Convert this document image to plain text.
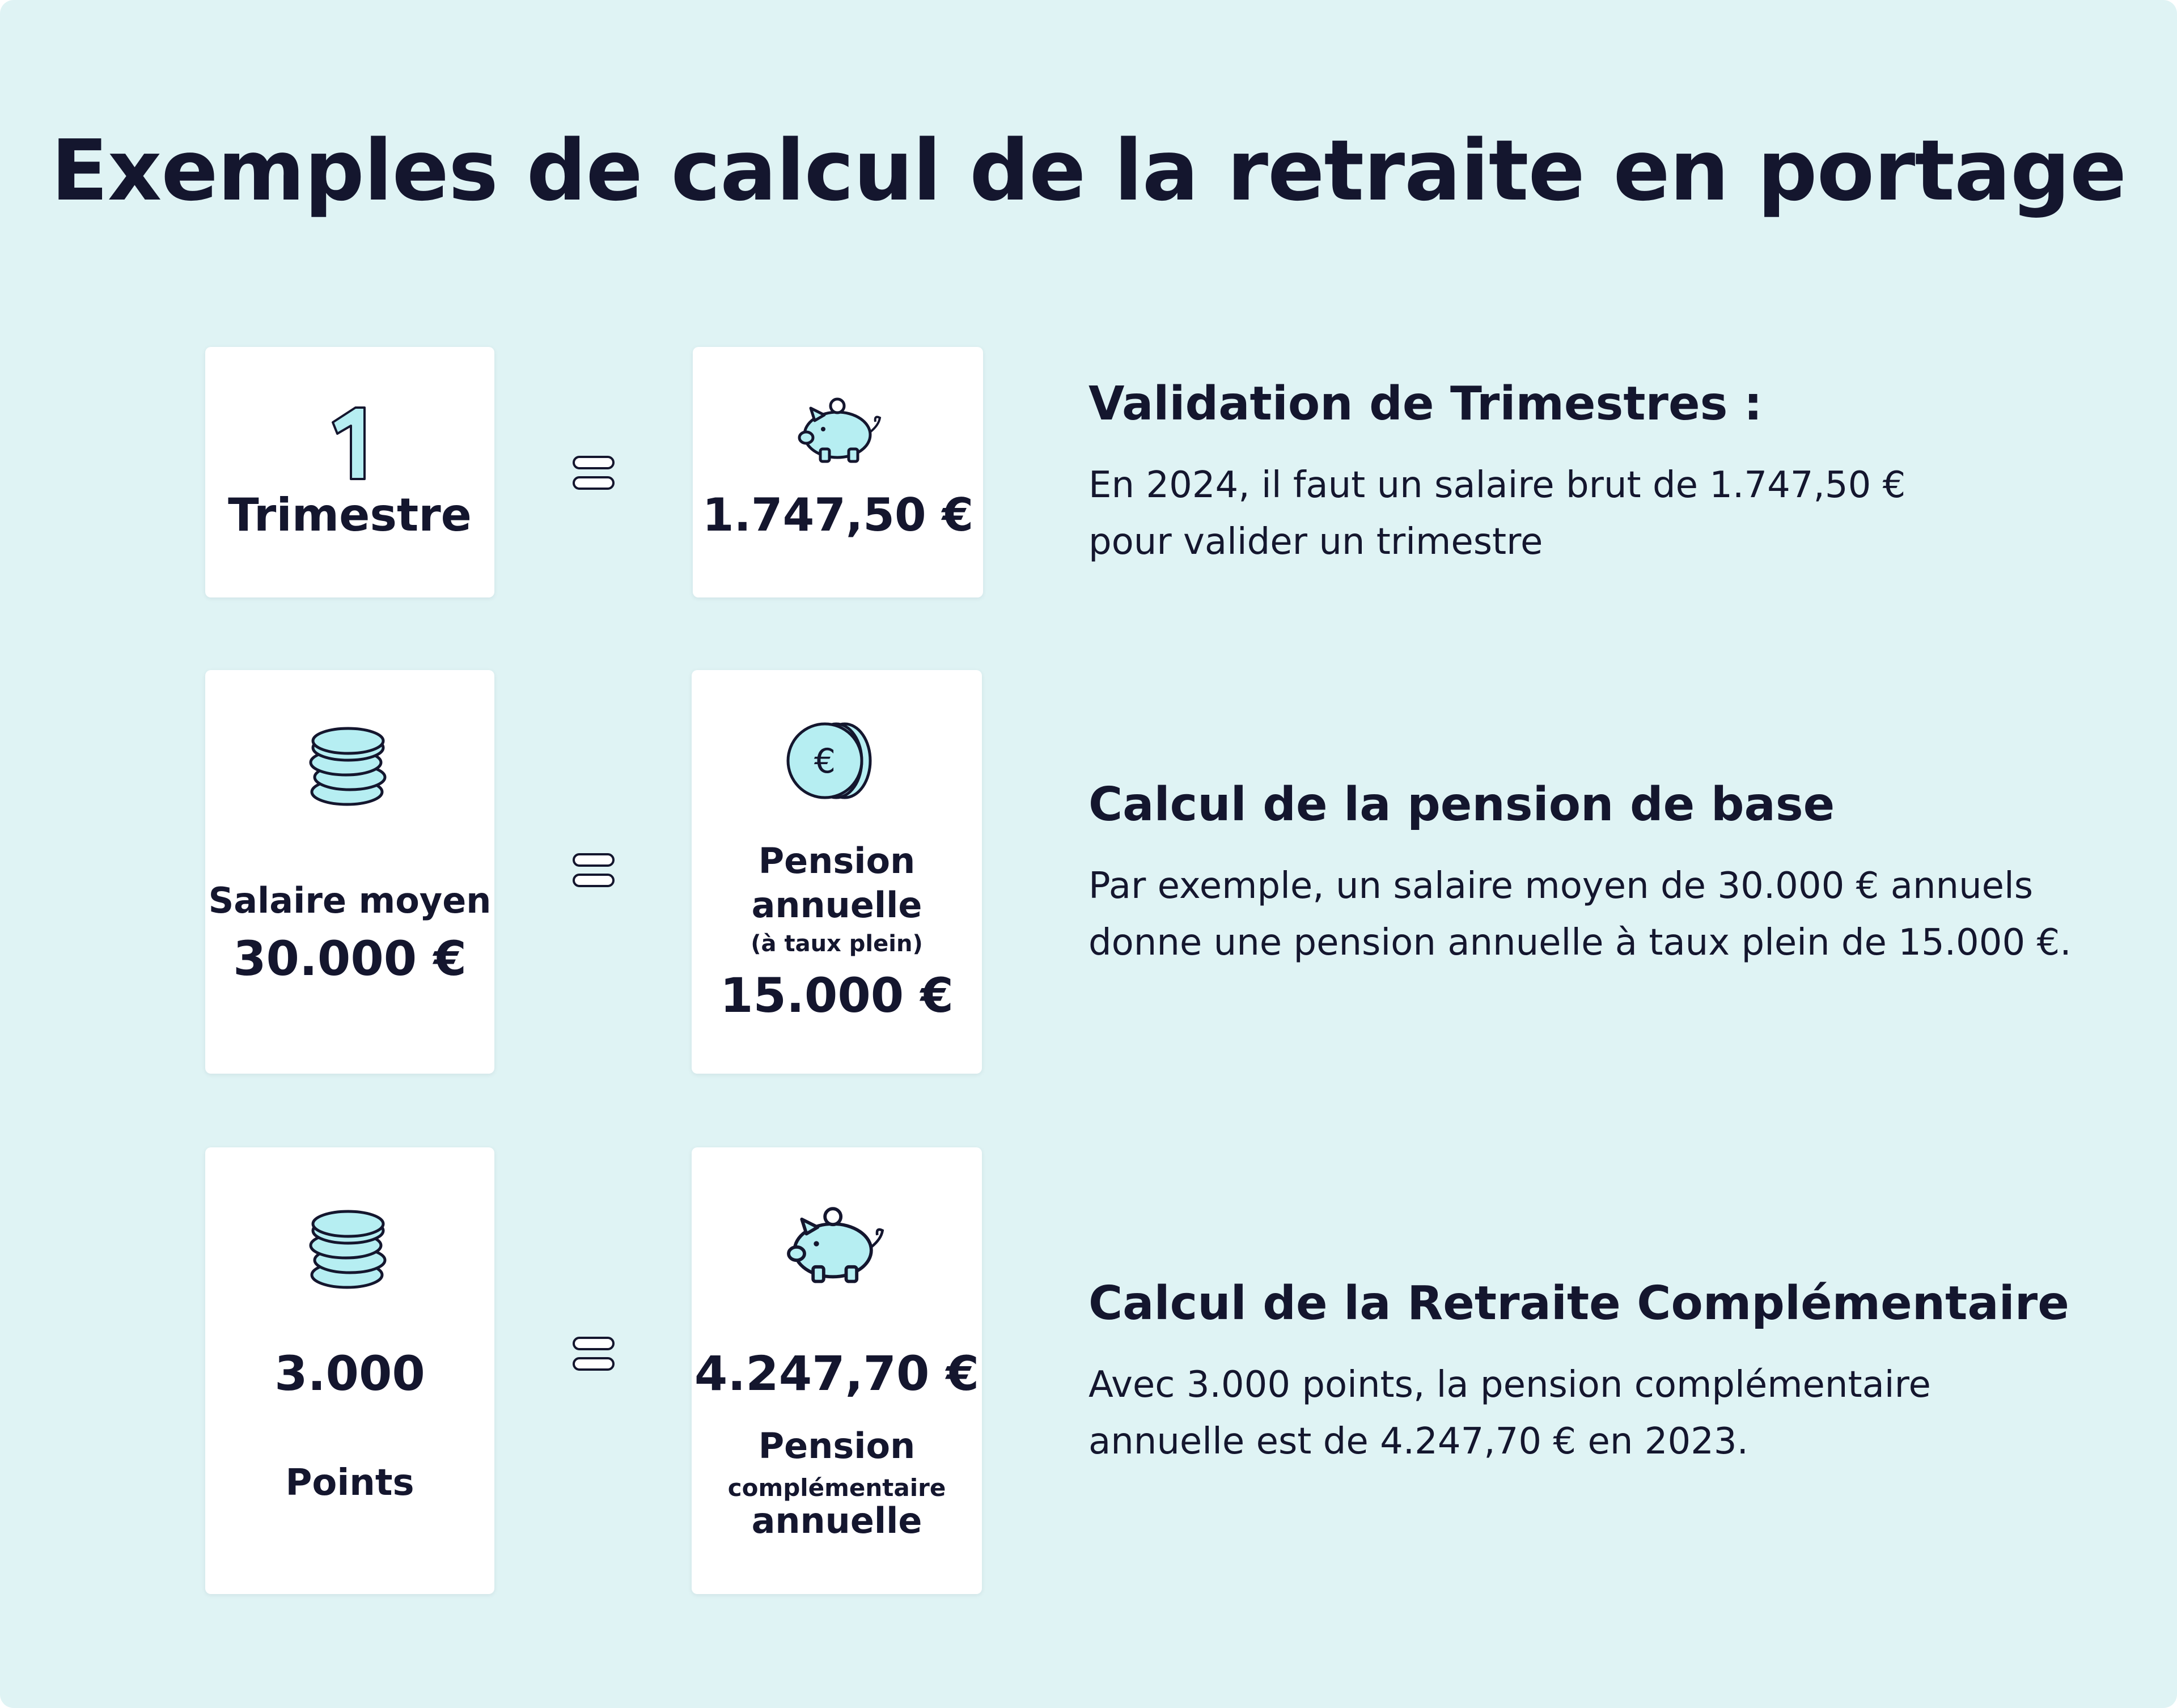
Exemples de calcul de la retraite en portage
Trimestre	1.747,50 €
Validation de Trimestres :
En 2024, il faut un salaire brut de 1.747,50 €
pour valider un trimestre
Salaire moyen
30.000 €
€
Pension
annuelle
(à taux plein)
15.000 €
Calcul de la pension de base
Par exemple, un salaire moyen de 30.000 € annuels
donne une pension annuelle à taux plein de 15.000 €.
3.000
Points
4.247,70 €
Pension
complémentaire
annuelle
Calcul de la Retraite Complémentaire
Avec 3.000 points, la pension complémentaire
annuelle est de 4.247,70 € en 2023.
